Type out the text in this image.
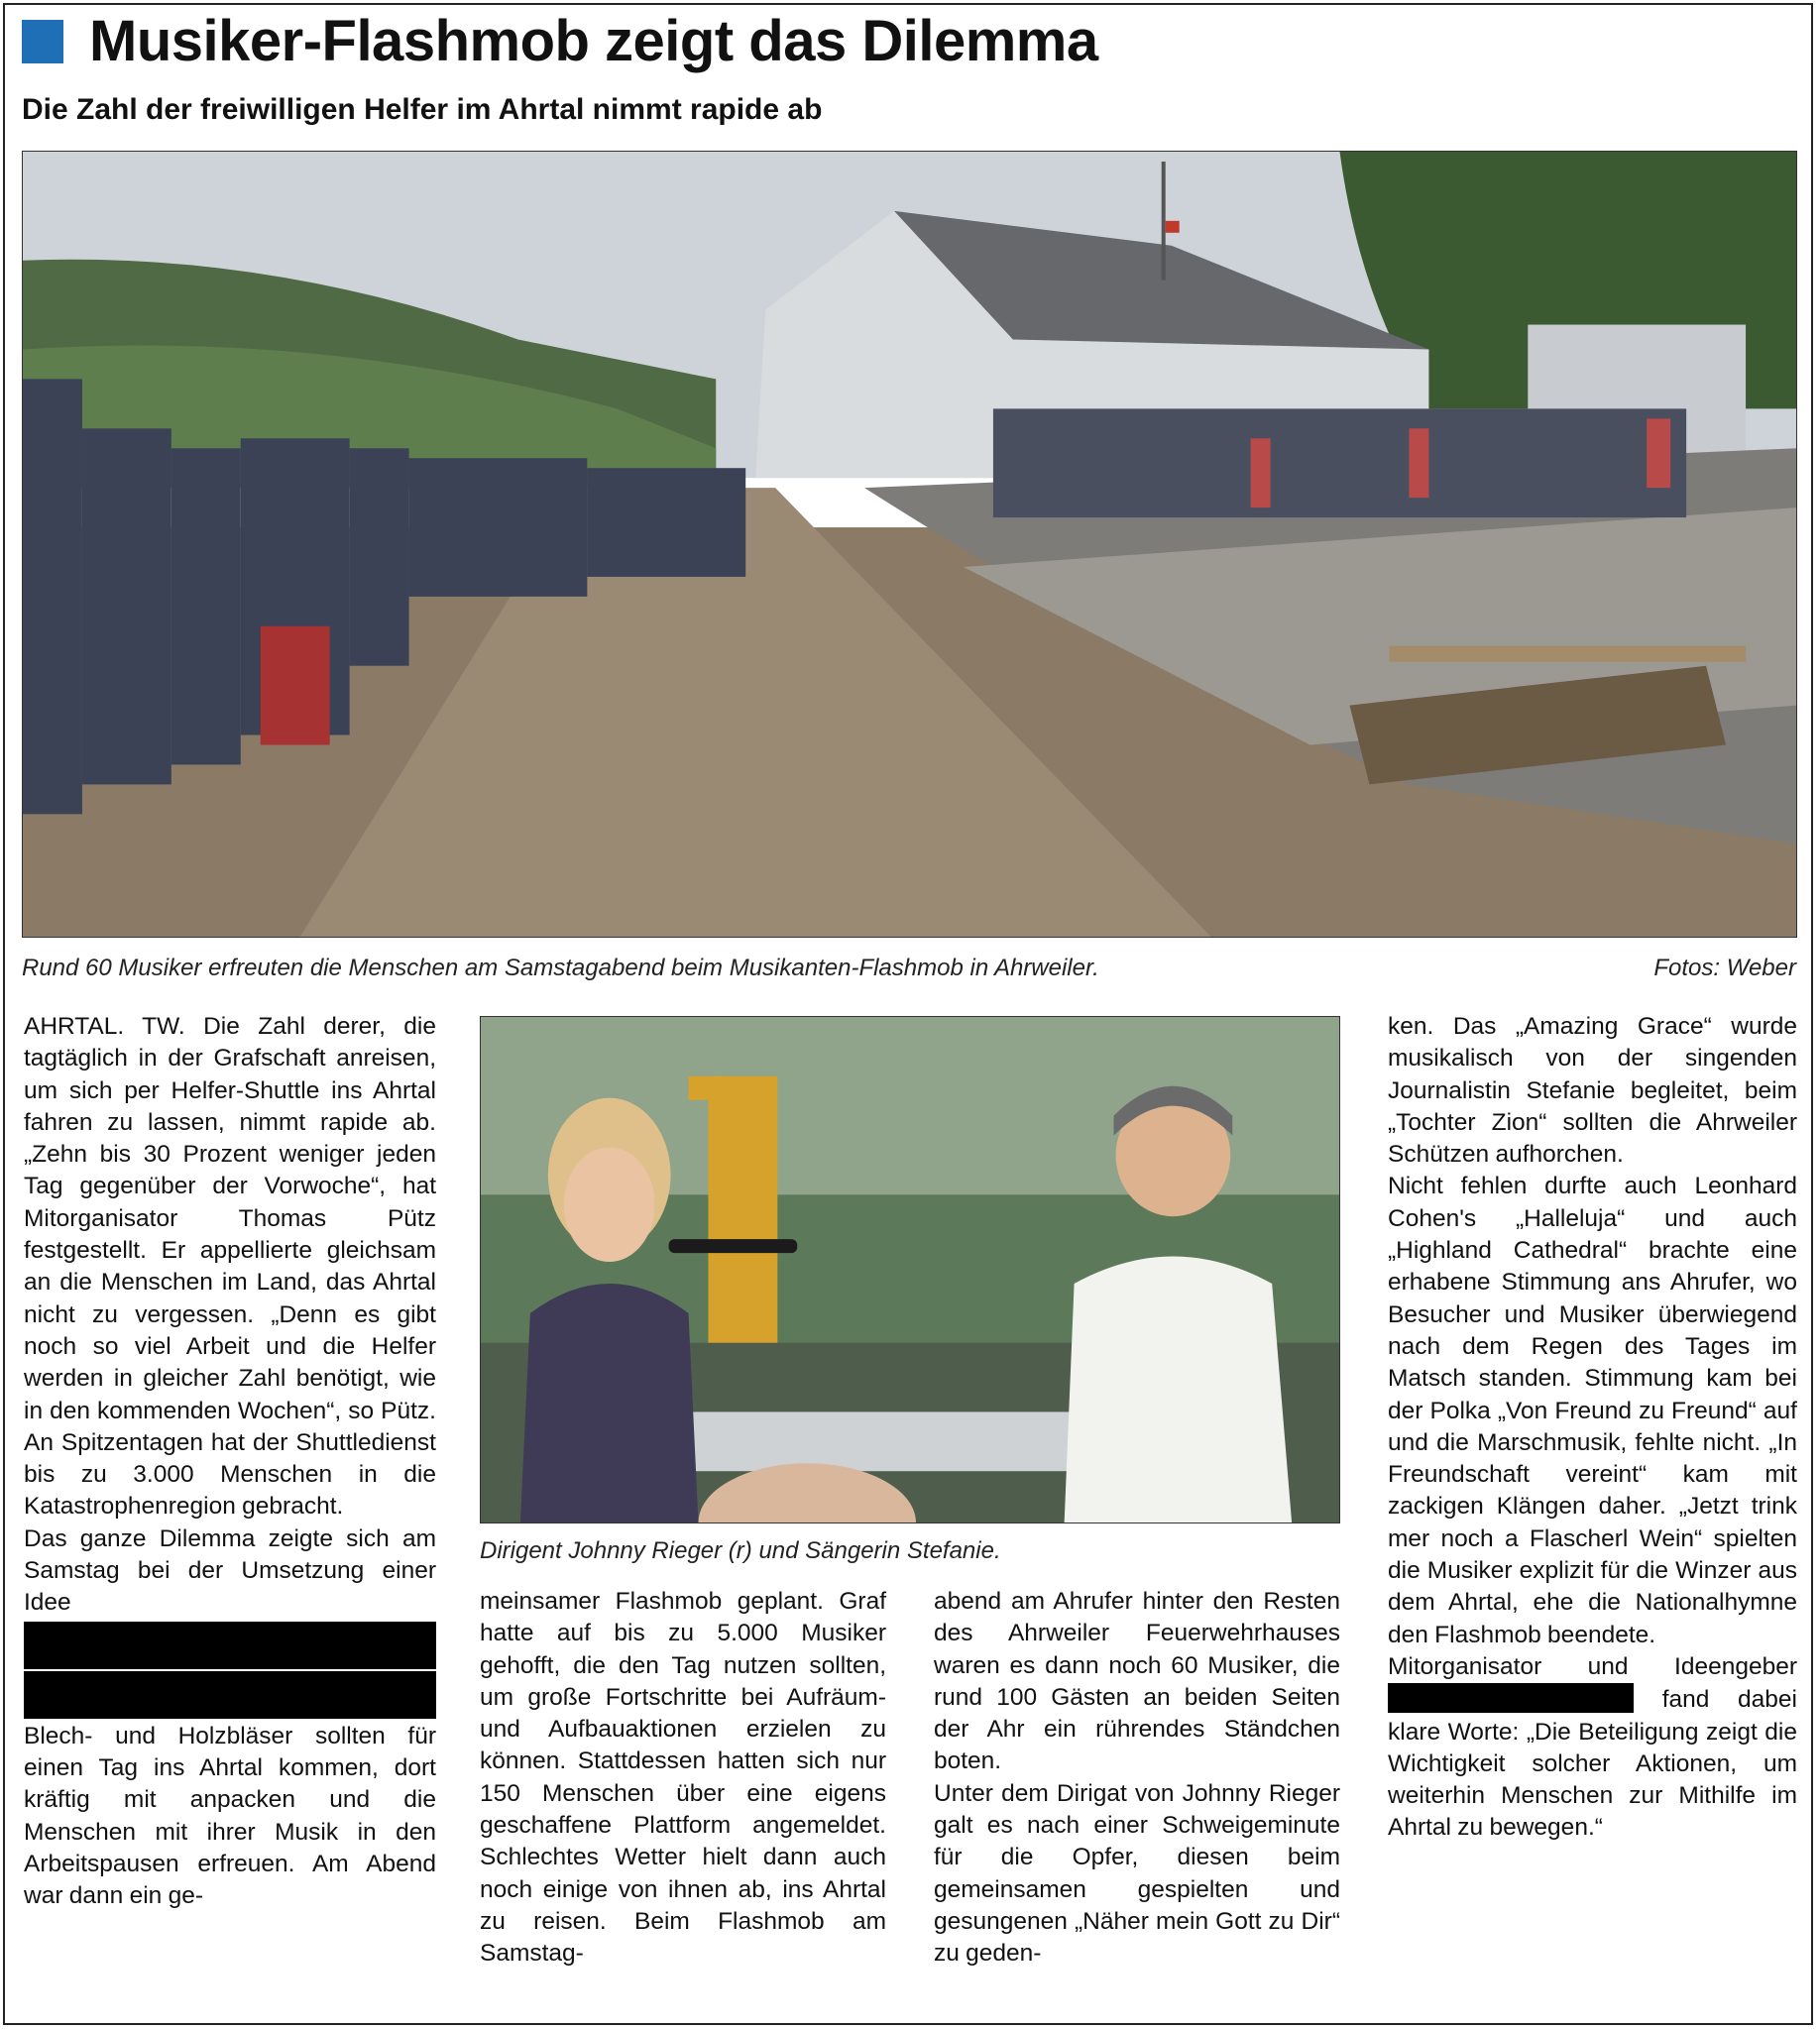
Musiker-Flashmob zeigt das Dilemma
Die Zahl der freiwilligen Helfer im Ahrtal nimmt rapide ab
Rund 60 Musiker erfreuten die Menschen am Samstagabend beim Musikanten-Flashmob in Ahrweiler.	Fotos: Weber
Dirigent Johnny Rieger (r) und Sängerin Stefanie.

AHRTAL. TW. Die Zahl derer, die tagtäglich in der Grafschaft anreisen, um sich per Helfer-Shuttle ins Ahrtal fahren zu lassen, nimmt rapide ab. „Zehn bis 30 Prozent weniger jeden Tag gegenüber der Vorwoche“, hat Mitorganisator Thomas Pütz festgestellt. Er appellierte gleichsam an die Menschen im Land, das Ahrtal nicht zu vergessen. „Denn es gibt noch so viel Arbeit und die Helfer werden in gleicher Zahl benötigt, wie in den kommenden Wochen“, so Pütz. An Spitzentagen hat der Shuttledienst bis zu 3.000 Menschen in die Katastrophenregion gebracht.

Das ganze Dilemma zeigte sich am Samstag bei der Umsetzung einer Idee

Blech- und Holzbläser sollten für einen Tag ins Ahrtal kommen, dort kräftig mit anpacken und die Menschen mit ihrer Musik in den Arbeitspausen erfreuen. Am Abend war dann ein ge-

meinsamer Flashmob geplant. Graf hatte auf bis zu 5.000 Musiker gehofft, die den Tag nutzen sollten, um große Fortschritte bei Aufräum- und Aufbauaktionen erzielen zu können. Stattdessen hatten sich nur 150 Menschen über eine eigens geschaffene Plattform angemeldet. Schlechtes Wetter hielt dann auch noch einige von ihnen ab, ins Ahrtal zu reisen. Beim Flashmob am Samstag-

abend am Ahrufer hinter den Resten des Ahrweiler Feuerwehrhauses waren es dann noch 60 Musiker, die rund 100 Gästen an beiden Seiten der Ahr ein rührendes Ständchen boten.

Unter dem Dirigat von Johnny Rieger galt es nach einer Schweigeminute für die Opfer, diesen beim gemeinsamen gespielten und gesungenen „Näher mein Gott zu Dir“ zu geden-

ken. Das „Amazing Grace“ wurde musikalisch von der singenden Journalistin Stefanie begleitet, beim „Tochter Zion“ sollten die Ahrweiler Schützen aufhorchen.

Nicht fehlen durfte auch Leonhard Cohen's „Halleluja“ und auch „Highland Cathedral“ brachte eine erhabene Stimmung ans Ahrufer, wo Besucher und Musiker überwiegend nach dem Regen des Tages im Matsch standen. Stimmung kam bei der Polka „Von Freund zu Freund“ auf und die Marschmusik, fehlte nicht. „In Freundschaft vereint“ kam mit zackigen Klängen daher. „Jetzt trink mer noch a Flascherl Wein“ spielten die Musiker explizit für die Winzer aus dem Ahrtal, ehe die Nationalhymne den Flashmob beendete.

Mitorganisator und Ideengeber  fand dabei klare Worte: „Die Beteiligung zeigt die Wichtigkeit solcher Aktionen, um weiterhin Menschen zur Mithilfe im Ahrtal zu bewegen.“
